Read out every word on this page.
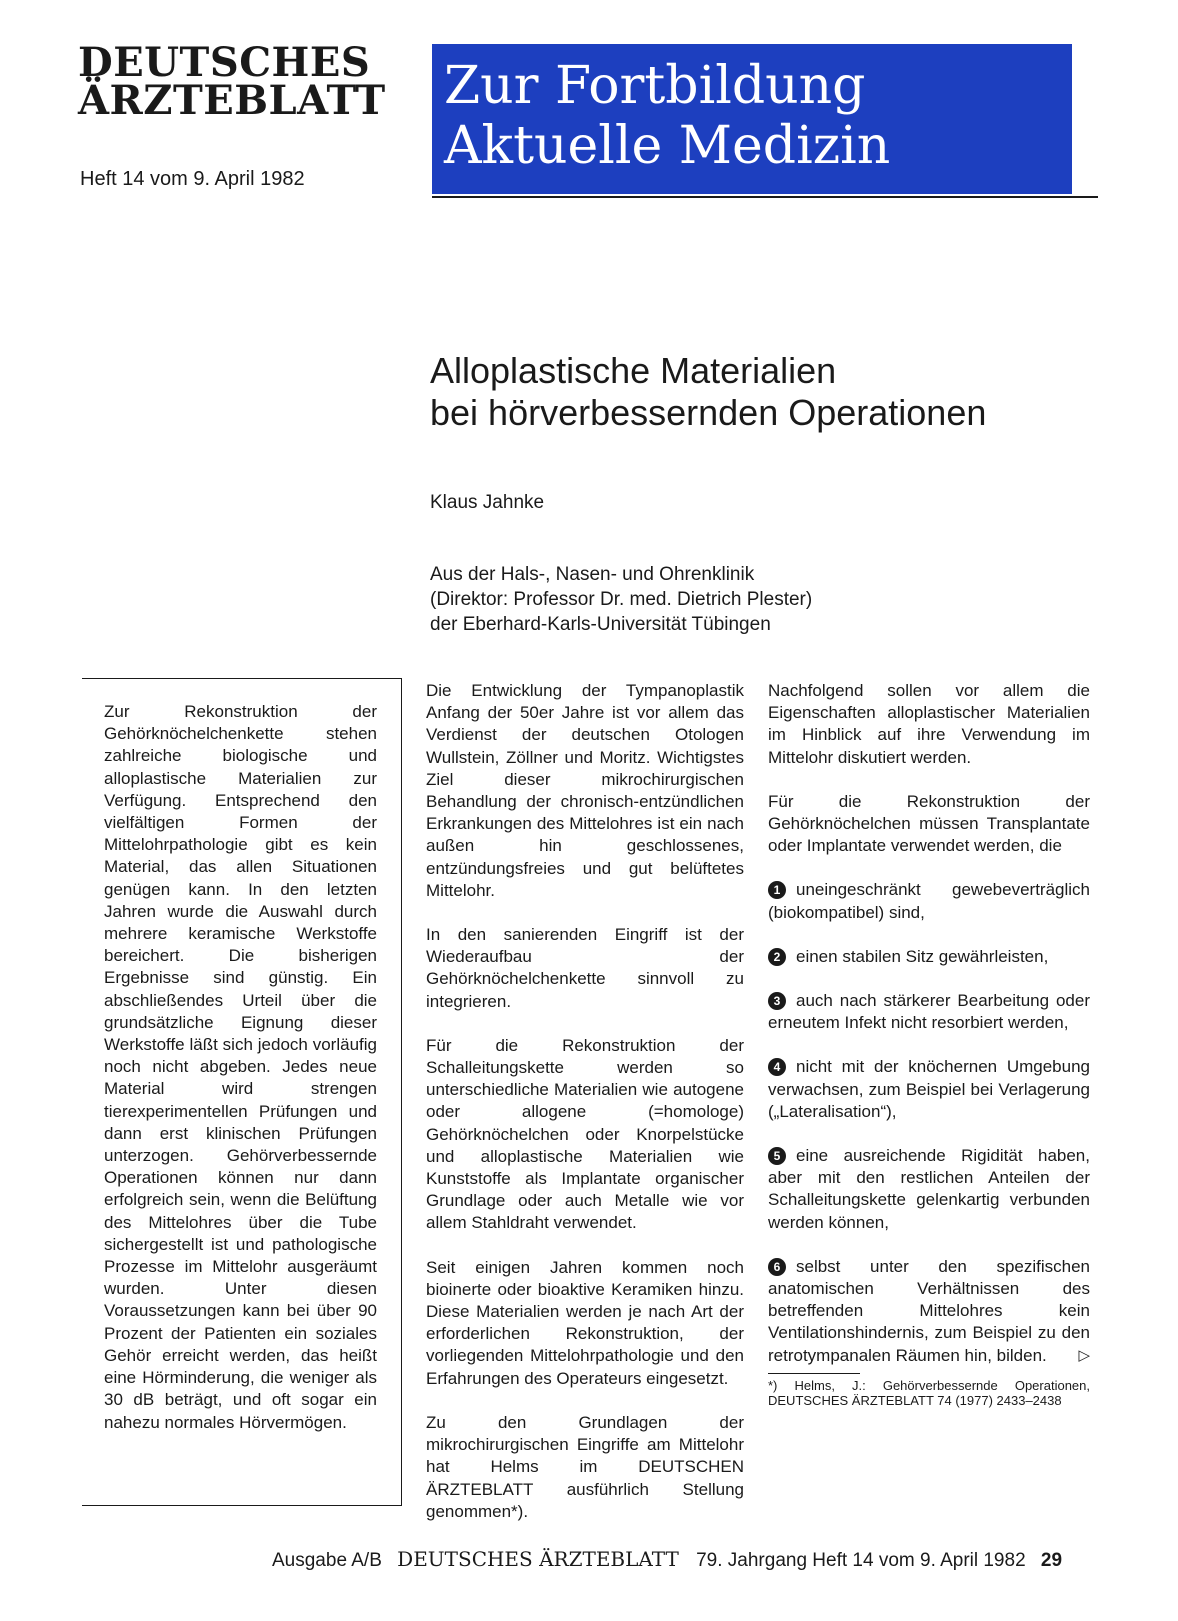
DEUTSCHES
ÄRZTEBLATT
Heft 14 vom 9. April 1982
Zur Fortbildung
Aktuelle Medizin
Alloplastische Materialien
bei hörverbessernden Operationen
Klaus Jahnke
Aus der Hals-, Nasen- und Ohrenklinik
(Direktor: Professor Dr. med. Dietrich Plester)
der Eberhard-Karls-Universität Tübingen

Zur Rekonstruktion der Gehörknöchelchenkette stehen zahlreiche biologische und alloplastische Materialien zur Verfügung. Entsprechend den vielfältigen Formen der Mittelohrpathologie gibt es kein Material, das allen Situationen genügen kann. In den letzten Jahren wurde die Auswahl durch mehrere keramische Werkstoffe bereichert. Die bisherigen Ergebnisse sind günstig. Ein abschließendes Urteil über die grundsätzliche Eignung dieser Werkstoffe läßt sich jedoch vorläufig noch nicht abgeben. Jedes neue Material wird strengen tierexperimentellen Prüfungen und dann erst klinischen Prüfungen unterzogen. Gehörverbessernde Operationen können nur dann erfolgreich sein, wenn die Belüftung des Mittelohres über die Tube sichergestellt ist und pathologische Prozesse im Mittelohr ausgeräumt wurden. Unter diesen Voraussetzungen kann bei über 90 Prozent der Patienten ein soziales Gehör erreicht werden, das heißt eine Hörminderung, die weniger als 30 dB beträgt, und oft sogar ein nahezu normales Hörvermögen.

Die Entwicklung der Tympanoplastik Anfang der 50er Jahre ist vor allem das Verdienst der deutschen Otologen Wullstein, Zöllner und Moritz. Wichtigstes Ziel dieser mikrochirurgischen Behandlung der chronisch-entzündlichen Erkrankungen des Mittelohres ist ein nach außen hin geschlossenes, entzündungsfreies und gut belüftetes Mittelohr.

In den sanierenden Eingriff ist der Wiederaufbau der Gehörknöchelchenkette sinnvoll zu integrieren.

Für die Rekonstruktion der Schalleitungskette werden so unterschiedliche Materialien wie autogene oder allogene (=homologe) Gehörknöchelchen oder Knorpelstücke und alloplastische Materialien wie Kunststoffe als Implantate organischer Grundlage oder auch Metalle wie vor allem Stahldraht verwendet.

Seit einigen Jahren kommen noch bioinerte oder bioaktive Keramiken hinzu. Diese Materialien werden je nach Art der erforderlichen Rekonstruktion, der vorliegenden Mittelohrpathologie und den Erfahrungen des Operateurs eingesetzt.

Zu den Grundlagen der mikrochirurgischen Eingriffe am Mittelohr hat Helms im DEUTSCHEN ÄRZTEBLATT ausführlich Stellung genommen*).

Nachfolgend sollen vor allem die Eigenschaften alloplastischer Materialien im Hinblick auf ihre Verwendung im Mittelohr diskutiert werden.

Für die Rekonstruktion der Gehörknöchelchen müssen Transplantate oder Implantate verwendet werden, die

1 uneingeschränkt gewebeverträglich (biokompatibel) sind,
2 einen stabilen Sitz gewährleisten,
3 auch nach stärkerer Bearbeitung oder erneutem Infekt nicht resorbiert werden,
4 nicht mit der knöchernen Umgebung verwachsen, zum Beispiel bei Verlagerung („Lateralisation“),
5 eine ausreichende Rigidität haben, aber mit den restlichen Anteilen der Schalleitungskette gelenkartig verbunden werden können,
6 selbst unter den spezifischen anatomischen Verhältnissen des betreffenden Mittelohres kein Ventilationshindernis, zum Beispiel zu den retrotympanalen Räumen hin, bilden. ▷
*) Helms, J.: Gehörverbessernde Operationen, DEUTSCHES ÄRZTEBLATT 74 (1977) 2433–2438
Ausgabe A/B DEUTSCHES ÄRZTEBLATT 79. Jahrgang Heft 14 vom 9. April 1982 29
